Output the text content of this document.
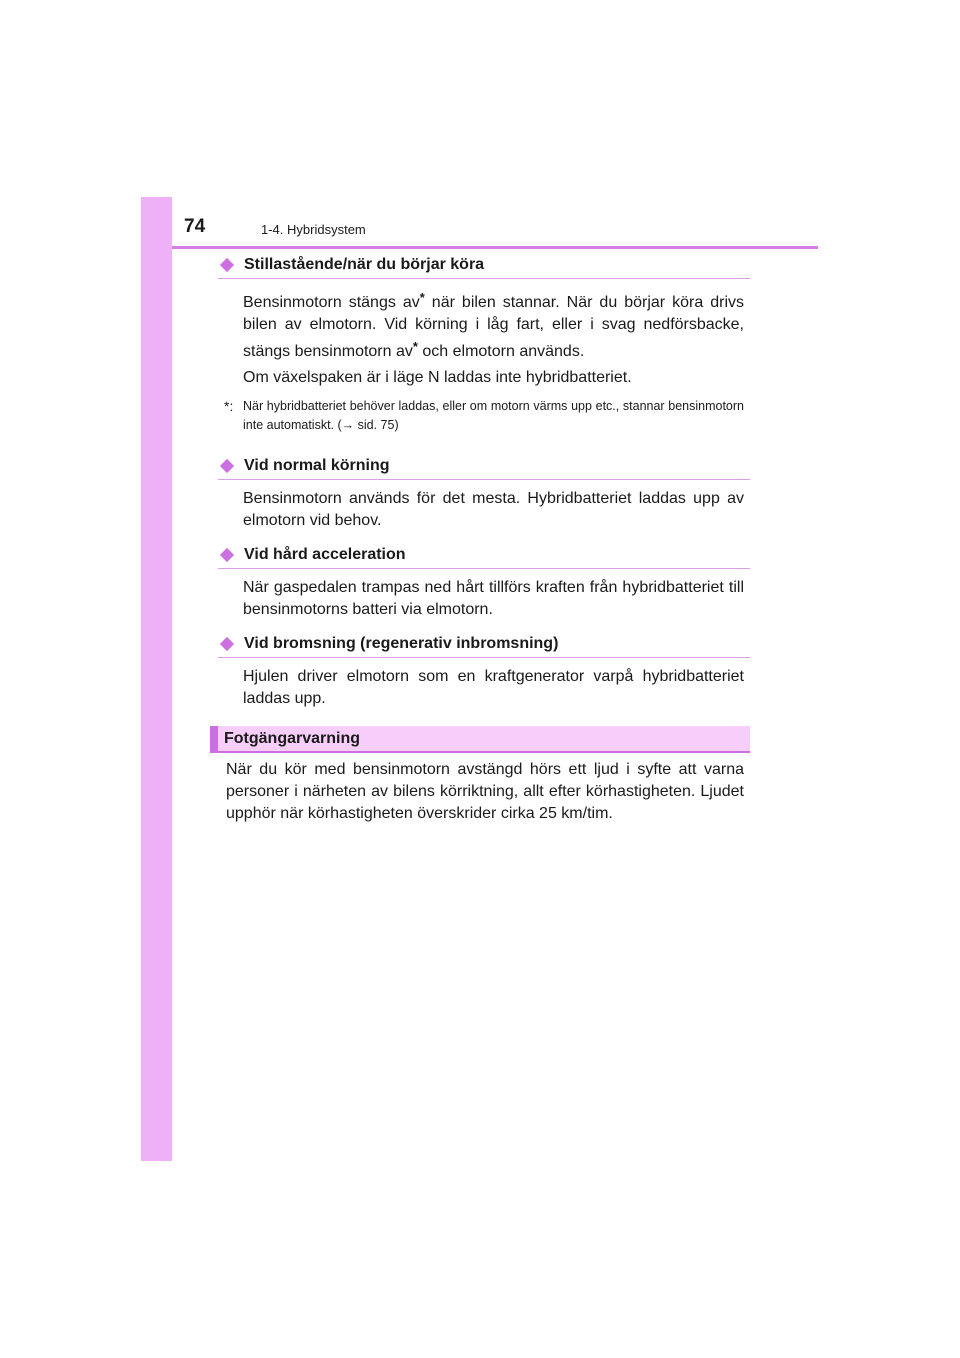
74	1-4. Hybridsystem
Stillastående/när du börjar köra

Bensinmotorn stängs av* när bilen stannar. När du börjar köra drivs bilen av elmotorn. Vid körning i låg fart, eller i svag nedförsbacke, stängs bensinmotorn av* och elmotorn används.

Om växelspaken är i läge N laddas inte hybridbatteriet.

*: När hybridbatteriet behöver laddas, eller om motorn värms upp etc., stannar bensinmotorn inte automatiskt. (→ sid. 75)
Vid normal körning

Bensinmotorn används för det mesta. Hybridbatteriet laddas upp av elmotorn vid behov.

Vid hård acceleration

När gaspedalen trampas ned hårt tillförs kraften från hybridbatteriet till bensinmotorns batteri via elmotorn.

Vid bromsning (regenerativ inbromsning)

Hjulen driver elmotorn som en kraftgenerator varpå hybridbatteriet laddas upp.

Fotgängarvarning

När du kör med bensinmotorn avstängd hörs ett ljud i syfte att varna personer i närheten av bilens körriktning, allt efter körhastigheten. Ljudet upphör när körhastigheten överskrider cirka 25 km/tim.
